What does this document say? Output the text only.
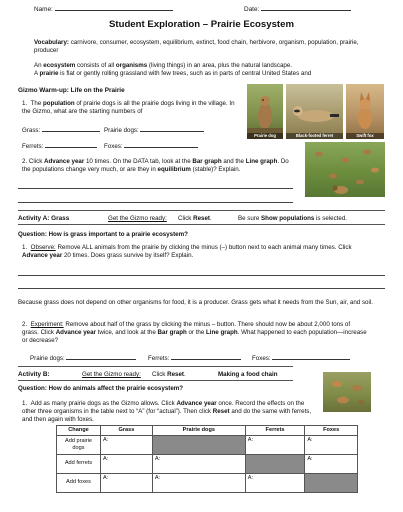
Name:	Date:
Student Exploration – Prairie Ecosystem
Vocabulary: carnivore, consumer, ecosystem, equilibrium, extinct, food chain, herbivore, organism, population, prairie, producer
An ecosystem consists of all organisms (living things) in an area, plus the natural landscape.
A prairie is flat or gently rolling grassland with few trees, such as in parts of central United States and
Gizmo Warm-up: Life on the Prairie
1. The population of prairie dogs is all the prairie dogs living in the village. In the Gizmo, what are the starting numbers of
Grass:	Prairie dogs:
Ferrets:	Foxes:
Prairie dog	Black-footed ferret	Swift fox
2. Click Advance year 10 times. On the DATA tab, look at the Bar graph and the Line graph. Do the populations change very much, or are they in equilibrium (stable)? Explain.
Activity A: Grass	Get the Gizmo ready: Click Reset.	Be sure Show populations is selected.
Question: How is grass important to a prairie ecosystem?
1. Observe: Remove ALL animals from the prairie by clicking the minus (–) button next to each animal many times. Click Advance year 20 times. Does grass survive by itself? Explain.
Because grass does not depend on other organisms for food, it is a producer. Grass gets what it needs from the Sun, air, and soil.
2. Experiment: Remove about half of the grass by clicking the minus – button. There should now be about 2,000 tons of grass. Click Advance year twice, and look at the Bar graph or the Line graph. What happened to each population—increase or decrease?
Prairie dogs:	Ferrets:	Foxes:
Activity B:	Get the Gizmo ready: Click Reset.	Making a food chain
Question: How do animals affect the prairie ecosystem?
1. Add as many prairie dogs as the Gizmo allows. Click Advance year once. Record the effects on the other three organisms in the table next to “A” (for “actual”). Then click Reset and do the same with ferrets, and then again with foxes.
Change	Grass	Prairie dogs	Ferrets	Foxes
Add prairie dogs	A:		A:	A:
Add ferrets	A:	A:		A:
Add foxes	A:	A:	A:	
